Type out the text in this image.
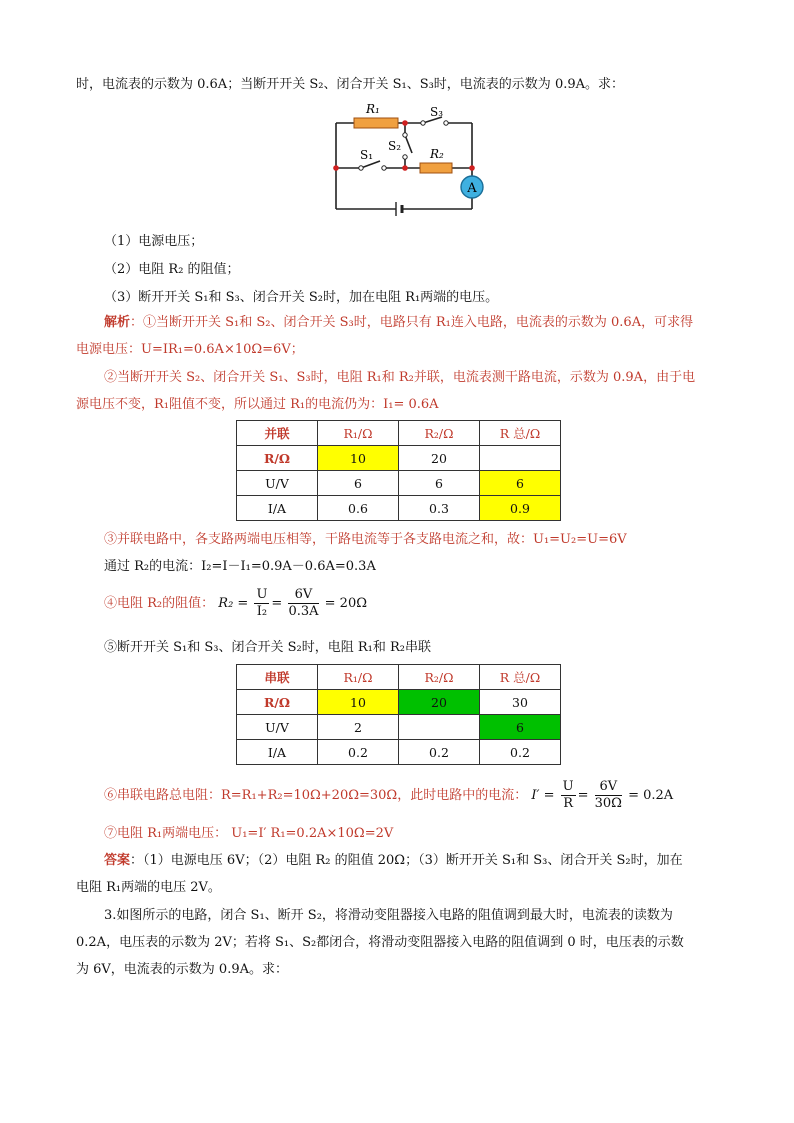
时，电流表的示数为 0.6A；当断开开关 S₂、闭合开关 S₁、S₃时，电流表的示数为 0.9A。求：
A
R₁	S₃
S₁
S₂
R₂
（1）电源电压；
（2）电阻 R₂ 的阻值；
（3）断开开关 S₁和 S₃、闭合开关 S₂时，加在电阻 R₁两端的电压。
解析：①当断开开关 S₁和 S₂、闭合开关 S₃时，电路只有 R₁连入电路，电流表的示数为 0.6A，可求得
电源电压：U=IR₁=0.6A×10Ω=6V；
②当断开开关 S₂、闭合开关 S₁、S₃时，电阻 R₁和 R₂并联，电流表测干路电流，示数为 0.9A，由于电
源电压不变，R₁阻值不变，所以通过 R₁的电流仍为：I₁= 0.6A
并联	R₁/Ω	R₂/Ω	R 总/Ω
R/Ω	10	20	
U/V	6	6	6
I/A	0.6	0.3	0.9
③并联电路中，各支路两端电压相等，干路电流等于各支路电流之和，故：U₁=U₂=U=6V
通过 R₂的电流：I₂=I－I₁=0.9A－0.6A=0.3A
④电阻 R₂的阻值： $R_2 = \frac{U}{\text{I₂}} = \frac{6V}{0.3A} = 20\Omega$
⑤断开开关 S₁和 S₃、闭合开关 S₂时，电阻 R₁和 R₂串联
串联	R₁/Ω	R₂/Ω	R 总/Ω
R/Ω	10	20	30
U/V	2		6
I/A	0.2	0.2	0.2
⑥串联电路总电阻：R=R₁+R₂=10Ω+20Ω=30Ω，此时电路中的电流： $I' = \frac{U}{R} = \frac{6V}{30\Omega} = 0.2A$
⑦电阻 R₁两端电压： U₁=I′ R₁=0.2A×10Ω=2V
答案：（1）电源电压 6V；（2）电阻 R₂ 的阻值 20Ω；（3）断开开关 S₁和 S₃、闭合开关 S₂时，加在
电阻 R₁两端的电压 2V。
3.如图所示的电路，闭合 S₁、断开 S₂，将滑动变阻器接入电路的阻值调到最大时，电流表的读数为
0.2A，电压表的示数为 2V；若将 S₁、S₂都闭合，将滑动变阻器接入电路的阻值调到 0 时，电压表的示数
为 6V，电流表的示数为 0.9A。求：
